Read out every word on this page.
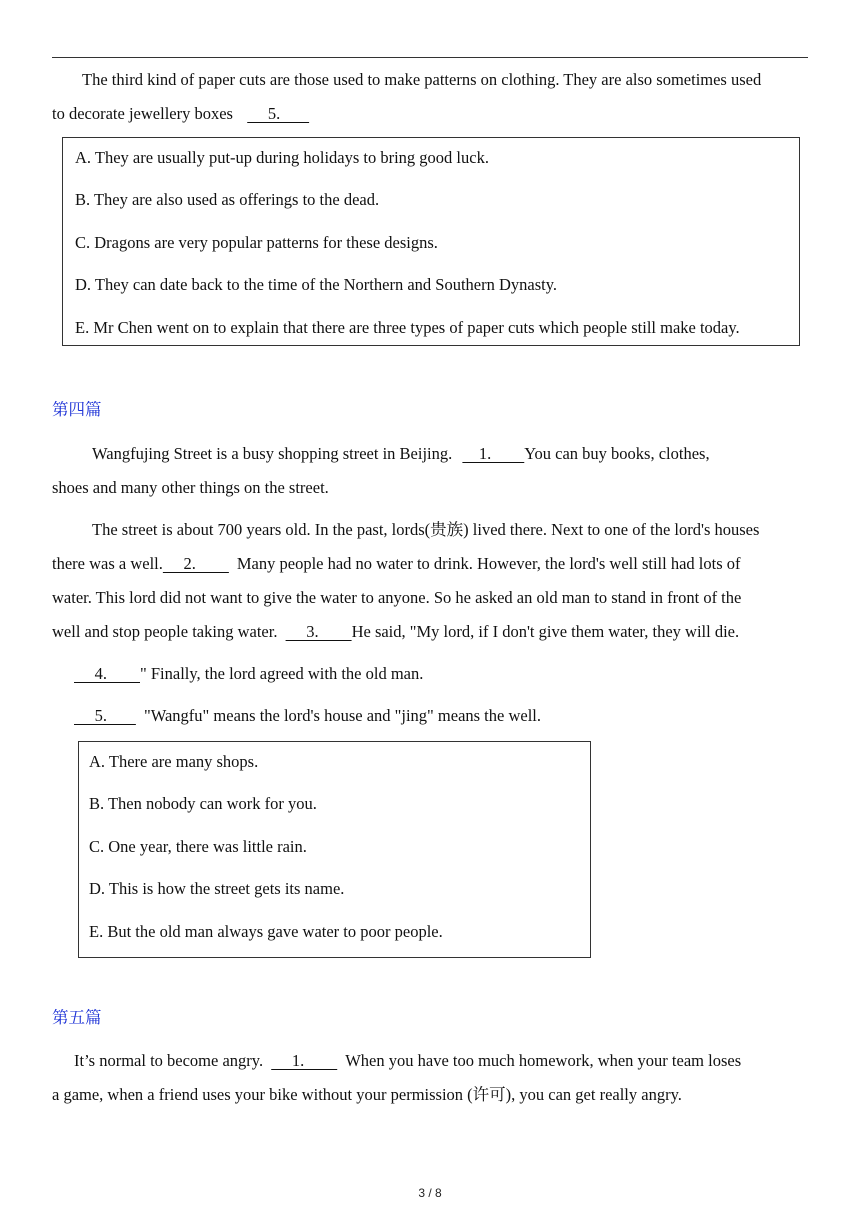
The third kind of paper cuts are those used to make patterns on clothing. They are also sometimes used
to decorate jewellery boxes       5.
A. They are usually put-up during holidays to bring good luck.
B. They are also used as offerings to the dead.
C. Dragons are very popular patterns for these designs.
D. They can date back to the time of the Northern and Southern Dynasty.
E. Mr Chen went on to explain that there are three types of paper cuts which people still make today.
第四篇
Wangfujing Street is a busy shopping street in Beijing.     1.        You can buy books, clothes,
shoes and many other things on the street.
The street is about 700 years old. In the past, lords(贵族) lived there. Next to one of the lord's houses
there was a well.     2.        Many people had no water to drink. However, the lord's well still had lots of
water. This lord did not want to give the water to anyone. So he asked an old man to stand in front of the
well and stop people taking water.      3.        He said, "My lord, if I don't give them water, they will die.
4.        " Finally, the lord agreed with the old man.
5.        "Wangfu" means the lord's house and "jing" means the well.
A. There are many shops.
B. Then nobody can work for you.
C. One year, there was little rain.
D. This is how the street gets its name.
E. But the old man always gave water to poor people.
第五篇
It’s normal to become angry.      1.        When you have too much homework, when your team loses
a game, when a friend uses your bike without your permission (许可), you can get really angry.
3 / 8
